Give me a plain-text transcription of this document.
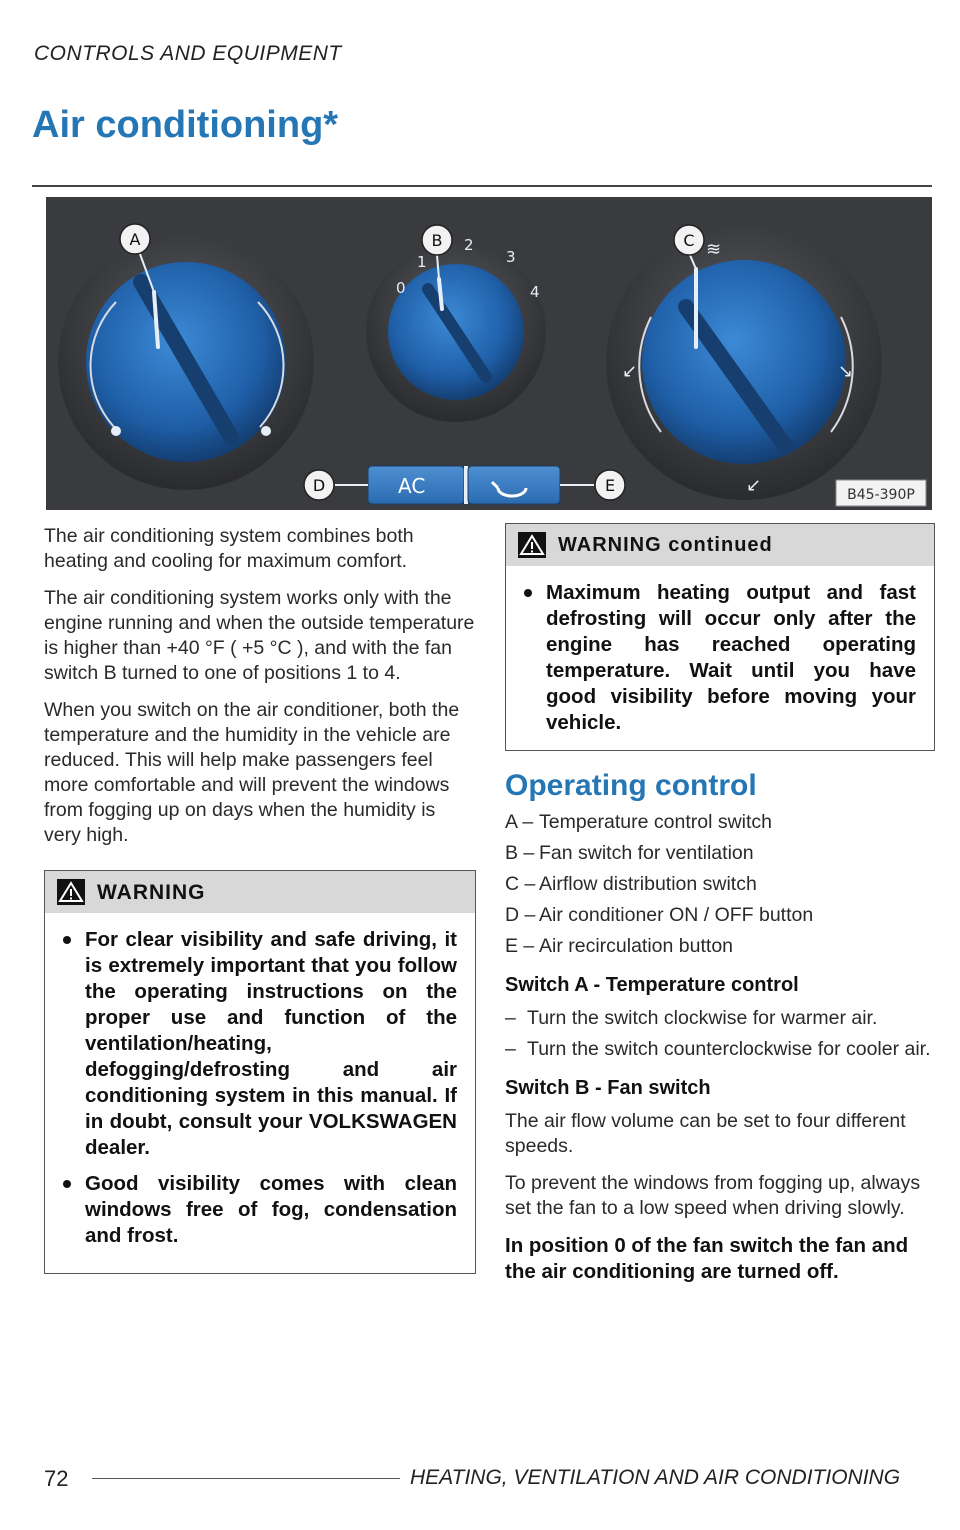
CONTROLS AND EQUIPMENT
Air conditioning*
0
1
2
3
4
≋
↙	↘
↙
AC
A	B	C
D	E	B45-390P

The air conditioning system combines both heating and cooling for maximum comfort.

The air conditioning system works only with the engine running and when the outside temperature is higher than +40 °F ( +5 °C ), and with the fan switch B turned to one of positions 1 to 4.

When you switch on the air conditioner, both the temperature and the humidity in the vehicle are reduced. This will help make passengers feel more comfortable and will prevent the windows from fogging up on days when the humidity is very high.

WARNING
For clear visibility and safe driving, it is extremely important that you follow the operating instructions on the proper use and function of the ventilation/heating, defogging/defrosting and air conditioning system in this manual. If in doubt, consult your VOLKSWAGEN dealer.
Good visibility comes with clean windows free of fog, condensation and frost.
WARNING continued
Maximum heating output and fast defrosting will occur only after the engine has reached operating temperature. Wait until you have good visibility before moving your vehicle.
Operating control
A – Temperature control switch
B – Fan switch for ventilation
C – Airflow distribution switch
D – Air conditioner ON / OFF button
E – Air recirculation button
Switch A - Temperature control
– Turn the switch clockwise for warmer air.
– Turn the switch counterclockwise for cooler air.
Switch B - Fan switch

The air flow volume can be set to four different speeds.

To prevent the windows from fogging up, always set the fan to a low speed when driving slowly.

In position 0 of the fan switch the fan and the air conditioning are turned off.

72	HEATING, VENTILATION AND AIR CONDITIONING
